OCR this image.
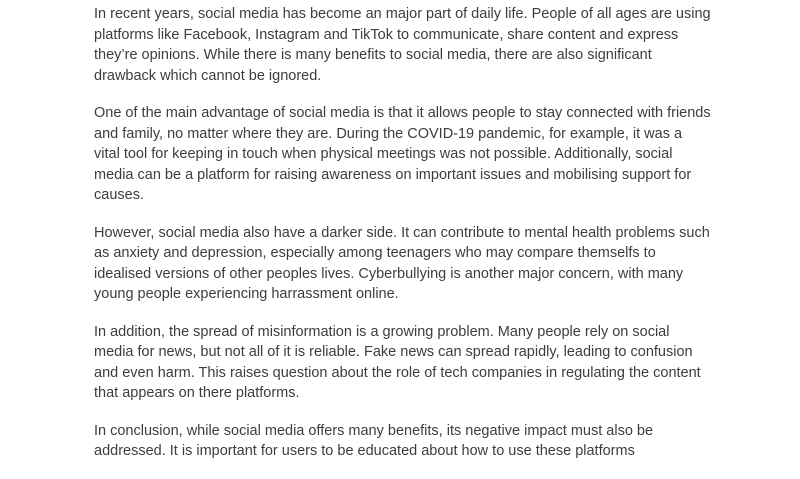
In recent years, social media has become an major part of daily life. People of all ages are using
platforms like Facebook, Instagram and TikTok to communicate, share content and express
they’re opinions. While there is many benefits to social media, there are also significant
drawback which cannot be ignored.

One of the main advantage of social media is that it allows people to stay connected with friends
and family, no matter where they are. During the COVID-19 pandemic, for example, it was a
vital tool for keeping in touch when physical meetings was not possible. Additionally, social
media can be a platform for raising awareness on important issues and mobilising support for
causes.

However, social media also have a darker side. It can contribute to mental health problems such
as anxiety and depression, especially among teenagers who may compare themselfs to
idealised versions of other peoples lives. Cyberbullying is another major concern, with many
young people experiencing harrassment online.

In addition, the spread of misinformation is a growing problem. Many people rely on social
media for news, but not all of it is reliable. Fake news can spread rapidly, leading to confusion
and even harm. This raises question about the role of tech companies in regulating the content
that appears on there platforms.

In conclusion, while social media offers many benefits, its negative impact must also be
addressed. It is important for users to be educated about how to use these platforms
